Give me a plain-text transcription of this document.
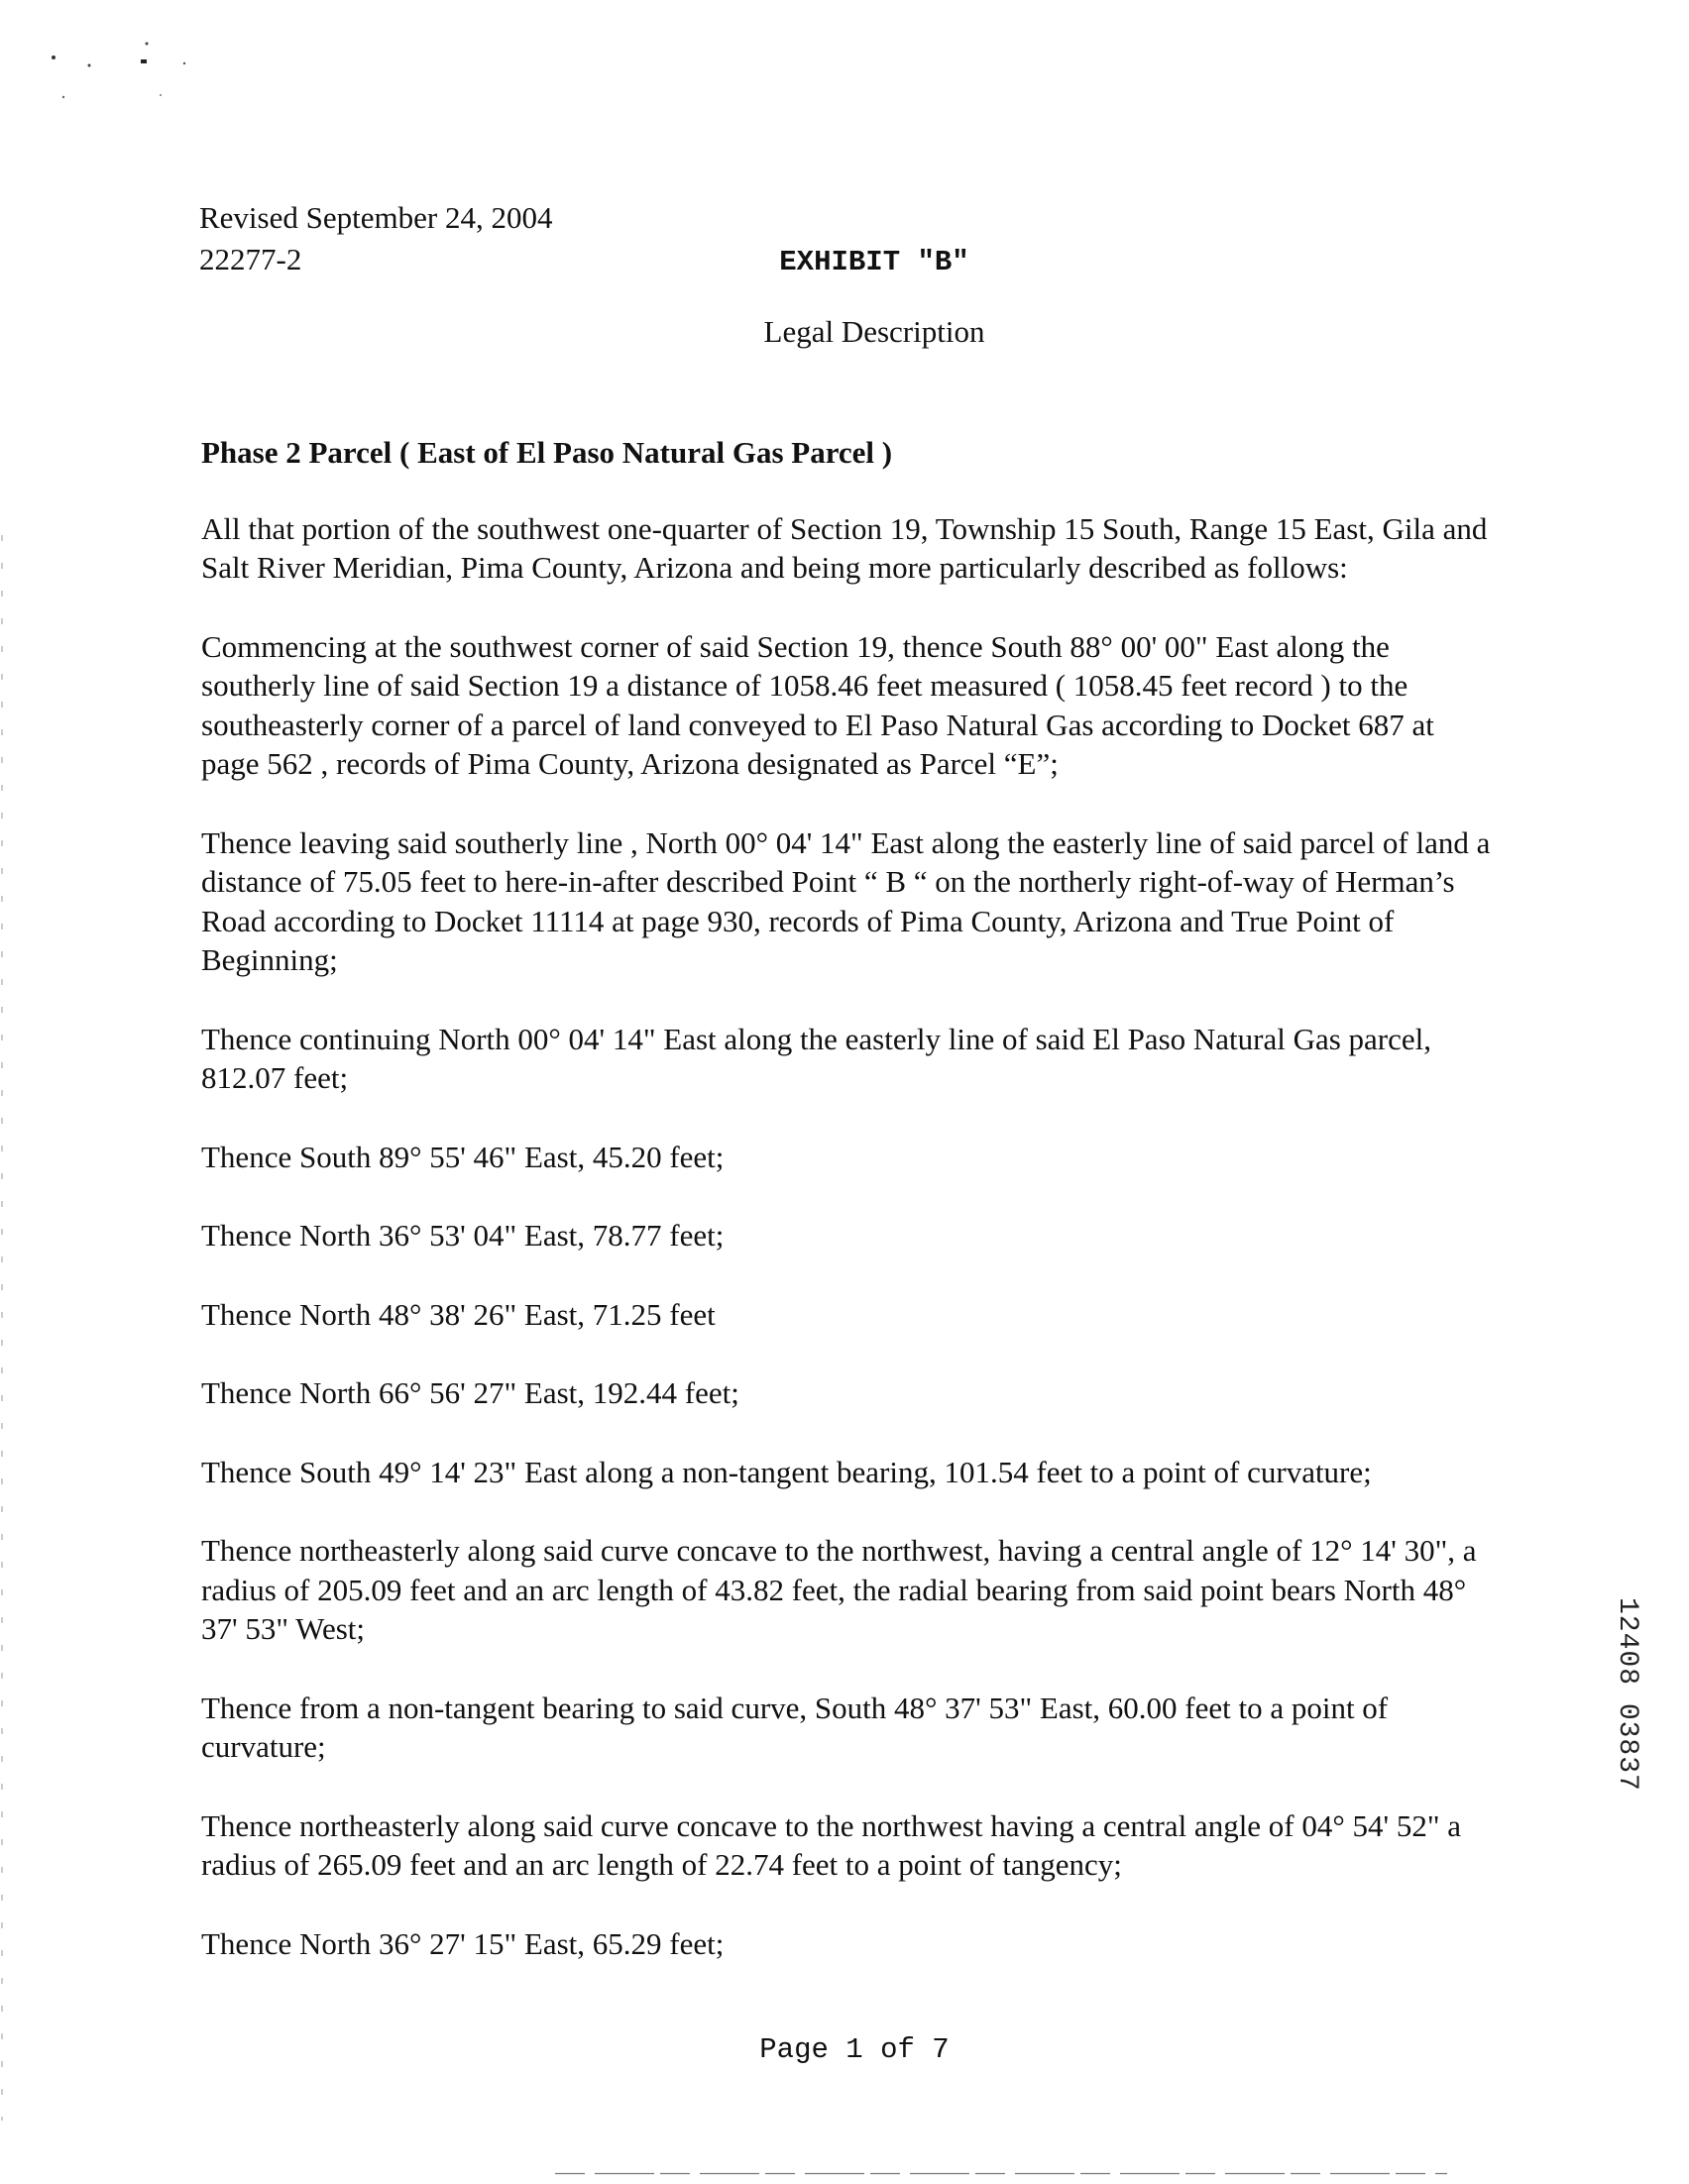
Revised September 24, 2004
22277-2	EXHIBIT "B"
Legal Description
Phase 2 Parcel ( East of El Paso Natural Gas Parcel )

All that portion of the southwest one-quarter of Section 19, Township 15 South, Range 15 East, Gila and Salt River Meridian, Pima County, Arizona and being more particularly described as follows:

Commencing at the southwest corner of said Section 19, thence South 88° 00' 00" East along the southerly line of said Section 19 a distance of 1058.46 feet measured ( 1058.45 feet record ) to the southeasterly corner of a parcel of land conveyed to El Paso Natural Gas according to Docket 687 at page 562 , records of Pima County, Arizona designated as Parcel “E”;

Thence leaving said southerly line , North 00° 04' 14" East along the easterly line of said parcel of land a distance of 75.05 feet to here-in-after described Point “ B “ on the northerly right-of-way of Herman’s Road according to Docket 11114 at page 930, records of Pima County, Arizona and True Point of Beginning;

Thence continuing North 00° 04' 14" East along the easterly line of said El Paso Natural Gas parcel, 812.07 feet;

Thence South 89° 55' 46" East, 45.20 feet;

Thence North 36° 53' 04" East, 78.77 feet;

Thence North 48° 38' 26" East, 71.25 feet

Thence North 66° 56' 27" East, 192.44 feet;

Thence South 49° 14' 23" East along a non-tangent bearing, 101.54 feet to a point of curvature;

Thence northeasterly along said curve concave to the northwest, having a central angle of 12° 14' 30", a radius of 205.09 feet and an arc length of 43.82 feet, the radial bearing from said point bears North 48° 37' 53" West;

Thence from a non-tangent bearing to said curve, South 48° 37' 53" East, 60.00 feet to a point of curvature;

Thence northeasterly along said curve concave to the northwest having a central angle of 04° 54' 52" a radius of 265.09 feet and an arc length of 22.74 feet to a point of tangency;

Thence North 36° 27' 15" East, 65.29 feet;

12408 03837
Page 1 of 7
